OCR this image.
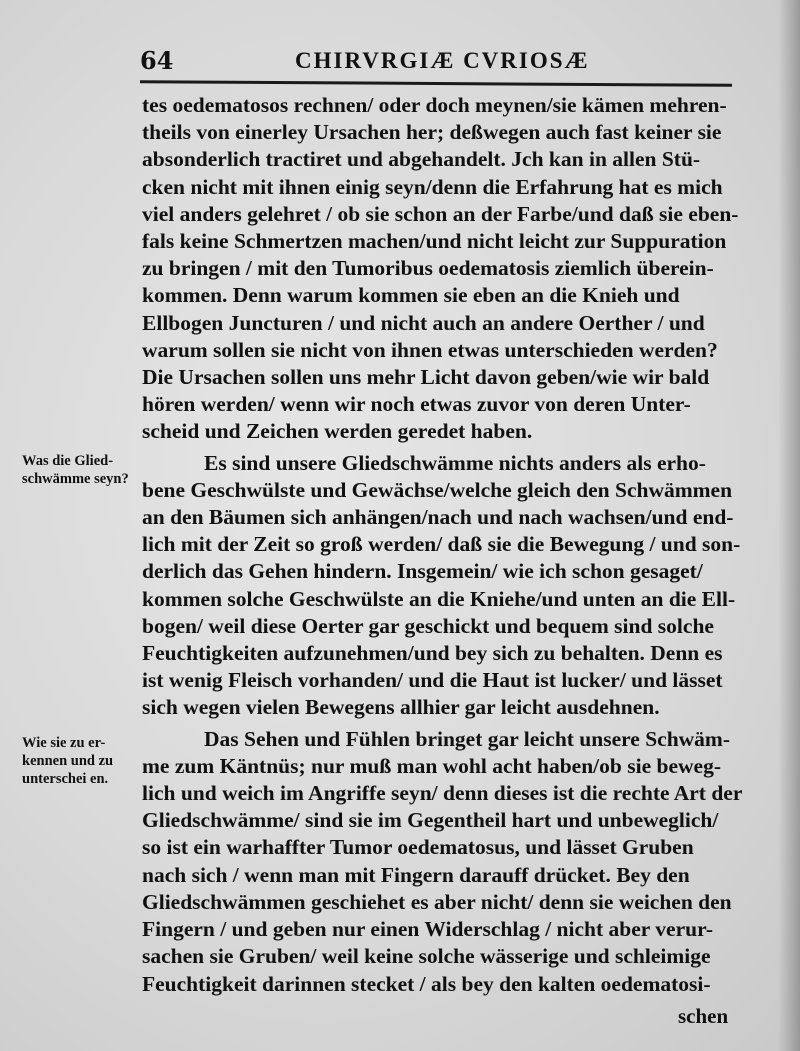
64	CHIRVRGIÆ CVRIOSÆ
Was die Glied-
schwämme seyn?
Wie sie zu er-
kennen und zu
unterschei en.
tes oedematosos rechnen/ oder doch meynen/sie kämen mehren-
theils von einerley Ursachen her; deßwegen auch fast keiner sie
absonderlich tractiret und abgehandelt. Jch kan in allen Stü-
cken nicht mit ihnen einig seyn/denn die Erfahrung hat es mich
viel anders gelehret / ob sie schon an der Farbe/und daß sie eben-
fals keine Schmertzen machen/und nicht leicht zur Suppuration
zu bringen / mit den Tumoribus oedematosis ziemlich überein-
kommen. Denn warum kommen sie eben an die Knieh und
Ellbogen Juncturen / und nicht auch an andere Oerther / und
warum sollen sie nicht von ihnen etwas unterschieden werden?
Die Ursachen sollen uns mehr Licht davon geben/wie wir bald
hören werden/ wenn wir noch etwas zuvor von deren Unter-
scheid und Zeichen werden geredet haben.
Es sind unsere Gliedschwämme nichts anders als erho-
bene Geschwülste und Gewächse/welche gleich den Schwämmen
an den Bäumen sich anhängen/nach und nach wachsen/und end-
lich mit der Zeit so groß werden/ daß sie die Bewegung / und son-
derlich das Gehen hindern. Insgemein/ wie ich schon gesaget/
kommen solche Geschwülste an die Kniehe/und unten an die Ell-
bogen/ weil diese Oerter gar geschickt und bequem sind solche
Feuchtigkeiten aufzunehmen/und bey sich zu behalten. Denn es
ist wenig Fleisch vorhanden/ und die Haut ist lucker/ und lässet
sich wegen vielen Bewegens allhier gar leicht ausdehnen.
Das Sehen und Fühlen bringet gar leicht unsere Schwäm-
me zum Käntnüs; nur muß man wohl acht haben/ob sie beweg-
lich und weich im Angriffe seyn/ denn dieses ist die rechte Art der
Gliedschwämme/ sind sie im Gegentheil hart und unbeweglich/
so ist ein warhaffter Tumor oedematosus, und lässet Gruben
nach sich / wenn man mit Fingern darauff drücket. Bey den
Gliedschwämmen geschiehet es aber nicht/ denn sie weichen den
Fingern / und geben nur einen Widerschlag / nicht aber verur-
sachen sie Gruben/ weil keine solche wässerige und schleimige
Feuchtigkeit darinnen stecket / als bey den kalten oedematosi-
schen
